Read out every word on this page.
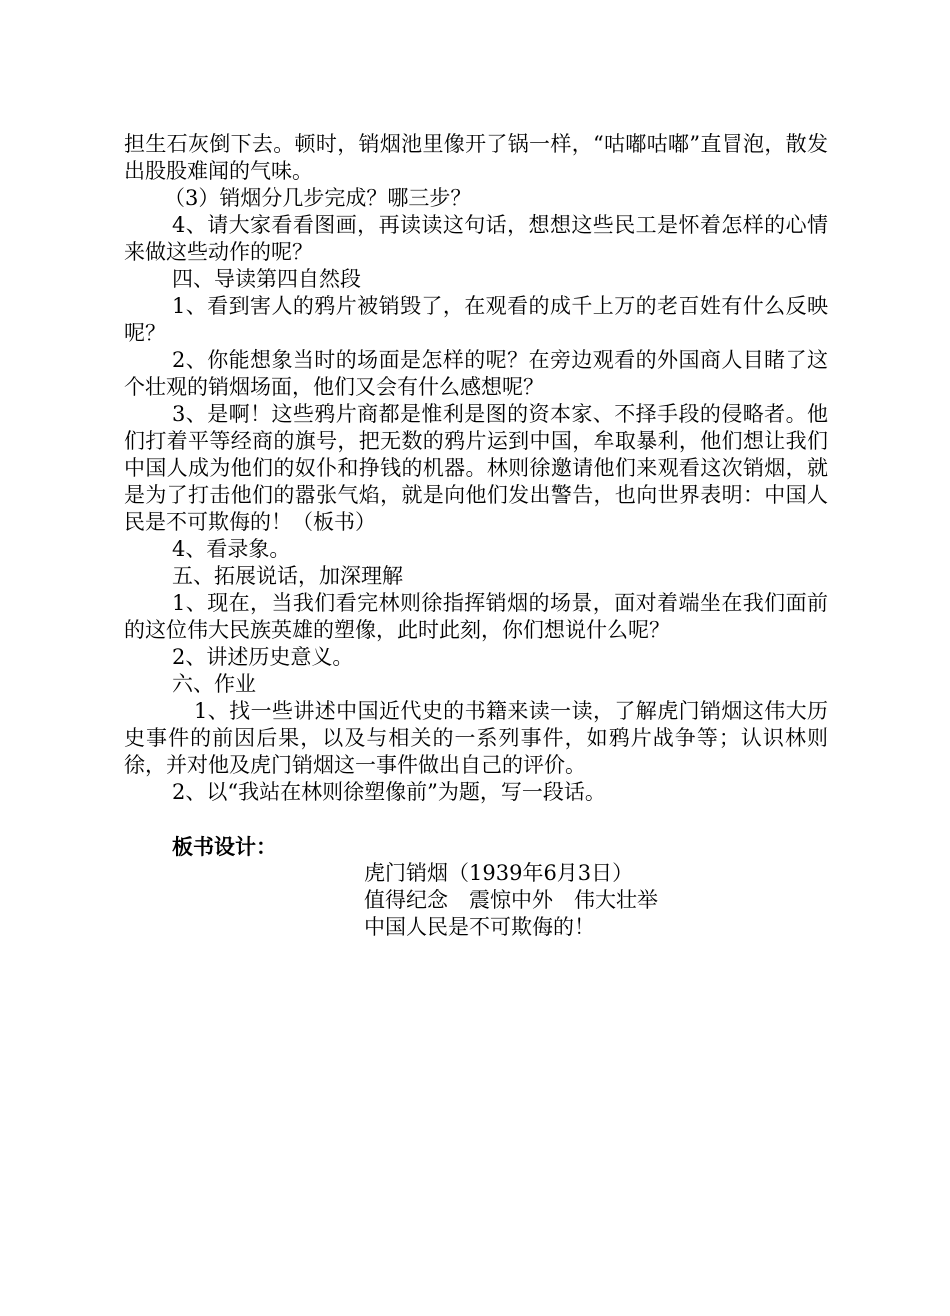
担生石灰倒下去。顿时，销烟池里像开了锅一样，“咕嘟咕嘟”直冒泡，散发出股股难闻的气味。

（3）销烟分几步完成？哪三步？

4、请大家看看图画，再读读这句话，想想这些民工是怀着怎样的心情来做这些动作的呢？

四、导读第四自然段

1、看到害人的鸦片被销毁了，在观看的成千上万的老百姓有什么反映呢？

2、你能想象当时的场面是怎样的呢？在旁边观看的外国商人目睹了这个壮观的销烟场面，他们又会有什么感想呢？

3、是啊！这些鸦片商都是惟利是图的资本家、不择手段的侵略者。他们打着平等经商的旗号，把无数的鸦片运到中国，牟取暴利，他们想让我们中国人成为他们的奴仆和挣钱的机器。林则徐邀请他们来观看这次销烟，就是为了打击他们的嚣张气焰，就是向他们发出警告，也向世界表明：中国人民是不可欺侮的！（板书）

4、看录象。

五、拓展说话，加深理解

1、现在，当我们看完林则徐指挥销烟的场景，面对着端坐在我们面前的这位伟大民族英雄的塑像，此时此刻，你们想说什么呢？

2、讲述历史意义。

六、作业

1、找一些讲述中国近代史的书籍来读一读，了解虎门销烟这伟大历史事件的前因后果，以及与相关的一系列事件，如鸦片战争等；认识林则徐，并对他及虎门销烟这一事件做出自己的评价。

2、以“我站在林则徐塑像前”为题，写一段话。

板书设计：

虎门销烟（1939年6月3日）

值得纪念　震惊中外　伟大壮举

中国人民是不可欺侮的！
